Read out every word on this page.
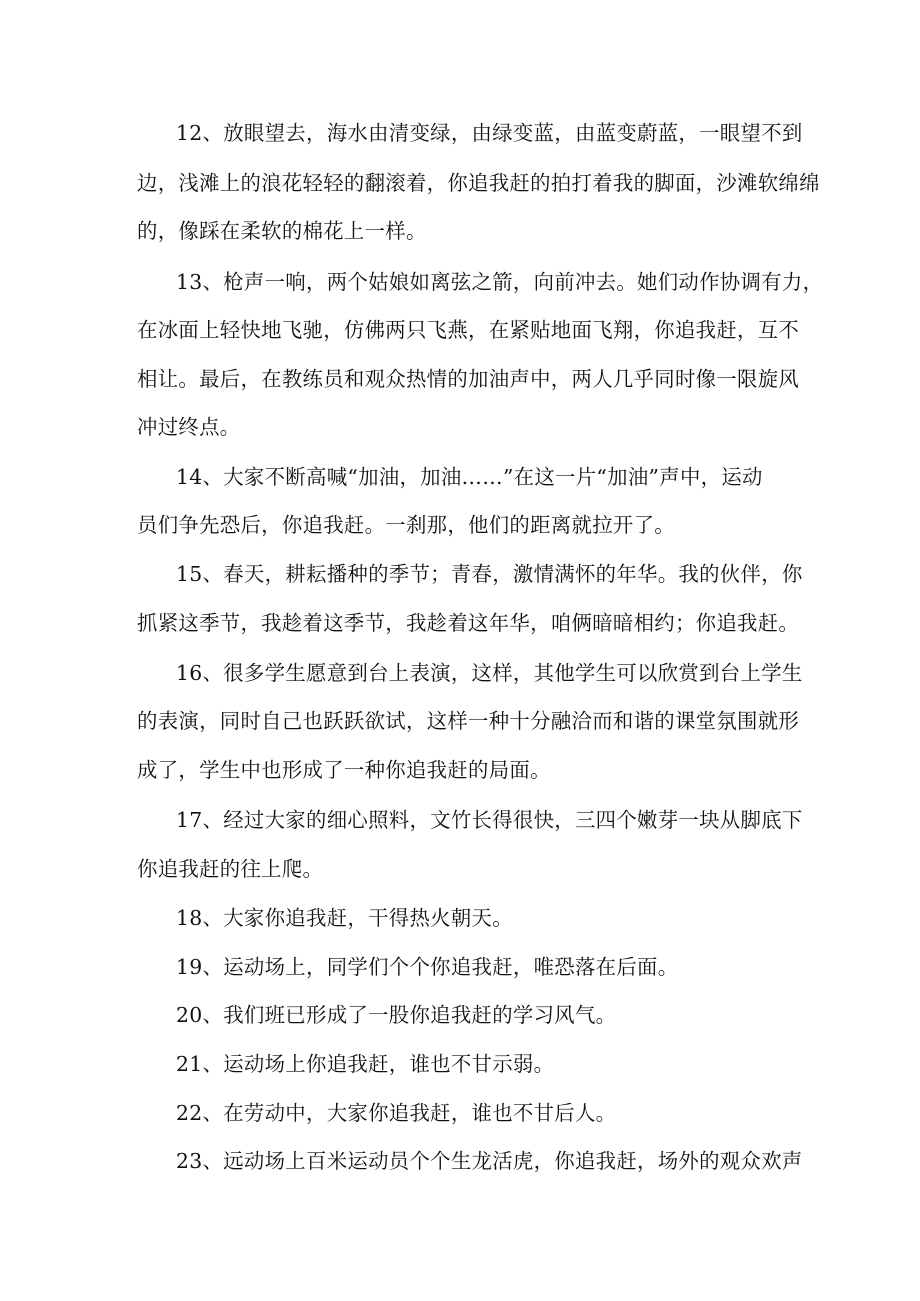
12、放眼望去，海水由清变绿，由绿变蓝，由蓝变蔚蓝，一眼望不到
边，浅滩上的浪花轻轻的翻滚着，你追我赶的拍打着我的脚面，沙滩软绵绵
的，像踩在柔软的棉花上一样。
13、枪声一响，两个姑娘如离弦之箭，向前冲去。她们动作协调有力，
在冰面上轻快地飞驰，仿佛两只飞燕，在紧贴地面飞翔，你追我赶，互不
相让。最后，在教练员和观众热情的加油声中，两人几乎同时像一限旋风
冲过终点。
14、大家不断高喊“加油，加油……”在这一片“加油”声中，运动
员们争先恐后，你追我赶。一刹那，他们的距离就拉开了。
15、春天，耕耘播种的季节；青春，激情满怀的年华。我的伙伴，你
抓紧这季节，我趁着这季节，我趁着这年华，咱俩暗暗相约；你追我赶。
16、很多学生愿意到台上表演，这样，其他学生可以欣赏到台上学生
的表演，同时自己也跃跃欲试，这样一种十分融洽而和谐的课堂氛围就形
成了，学生中也形成了一种你追我赶的局面。
17、经过大家的细心照料，文竹长得很快，三四个嫩芽一块从脚底下
你追我赶的往上爬。
18、大家你追我赶，干得热火朝天。
19、运动场上，同学们个个你追我赶，唯恐落在后面。
20、我们班已形成了一股你追我赶的学习风气。
21、运动场上你追我赶，谁也不甘示弱。
22、在劳动中，大家你追我赶，谁也不甘后人。
23、远动场上百米运动员个个生龙活虎，你追我赶，场外的观众欢声
